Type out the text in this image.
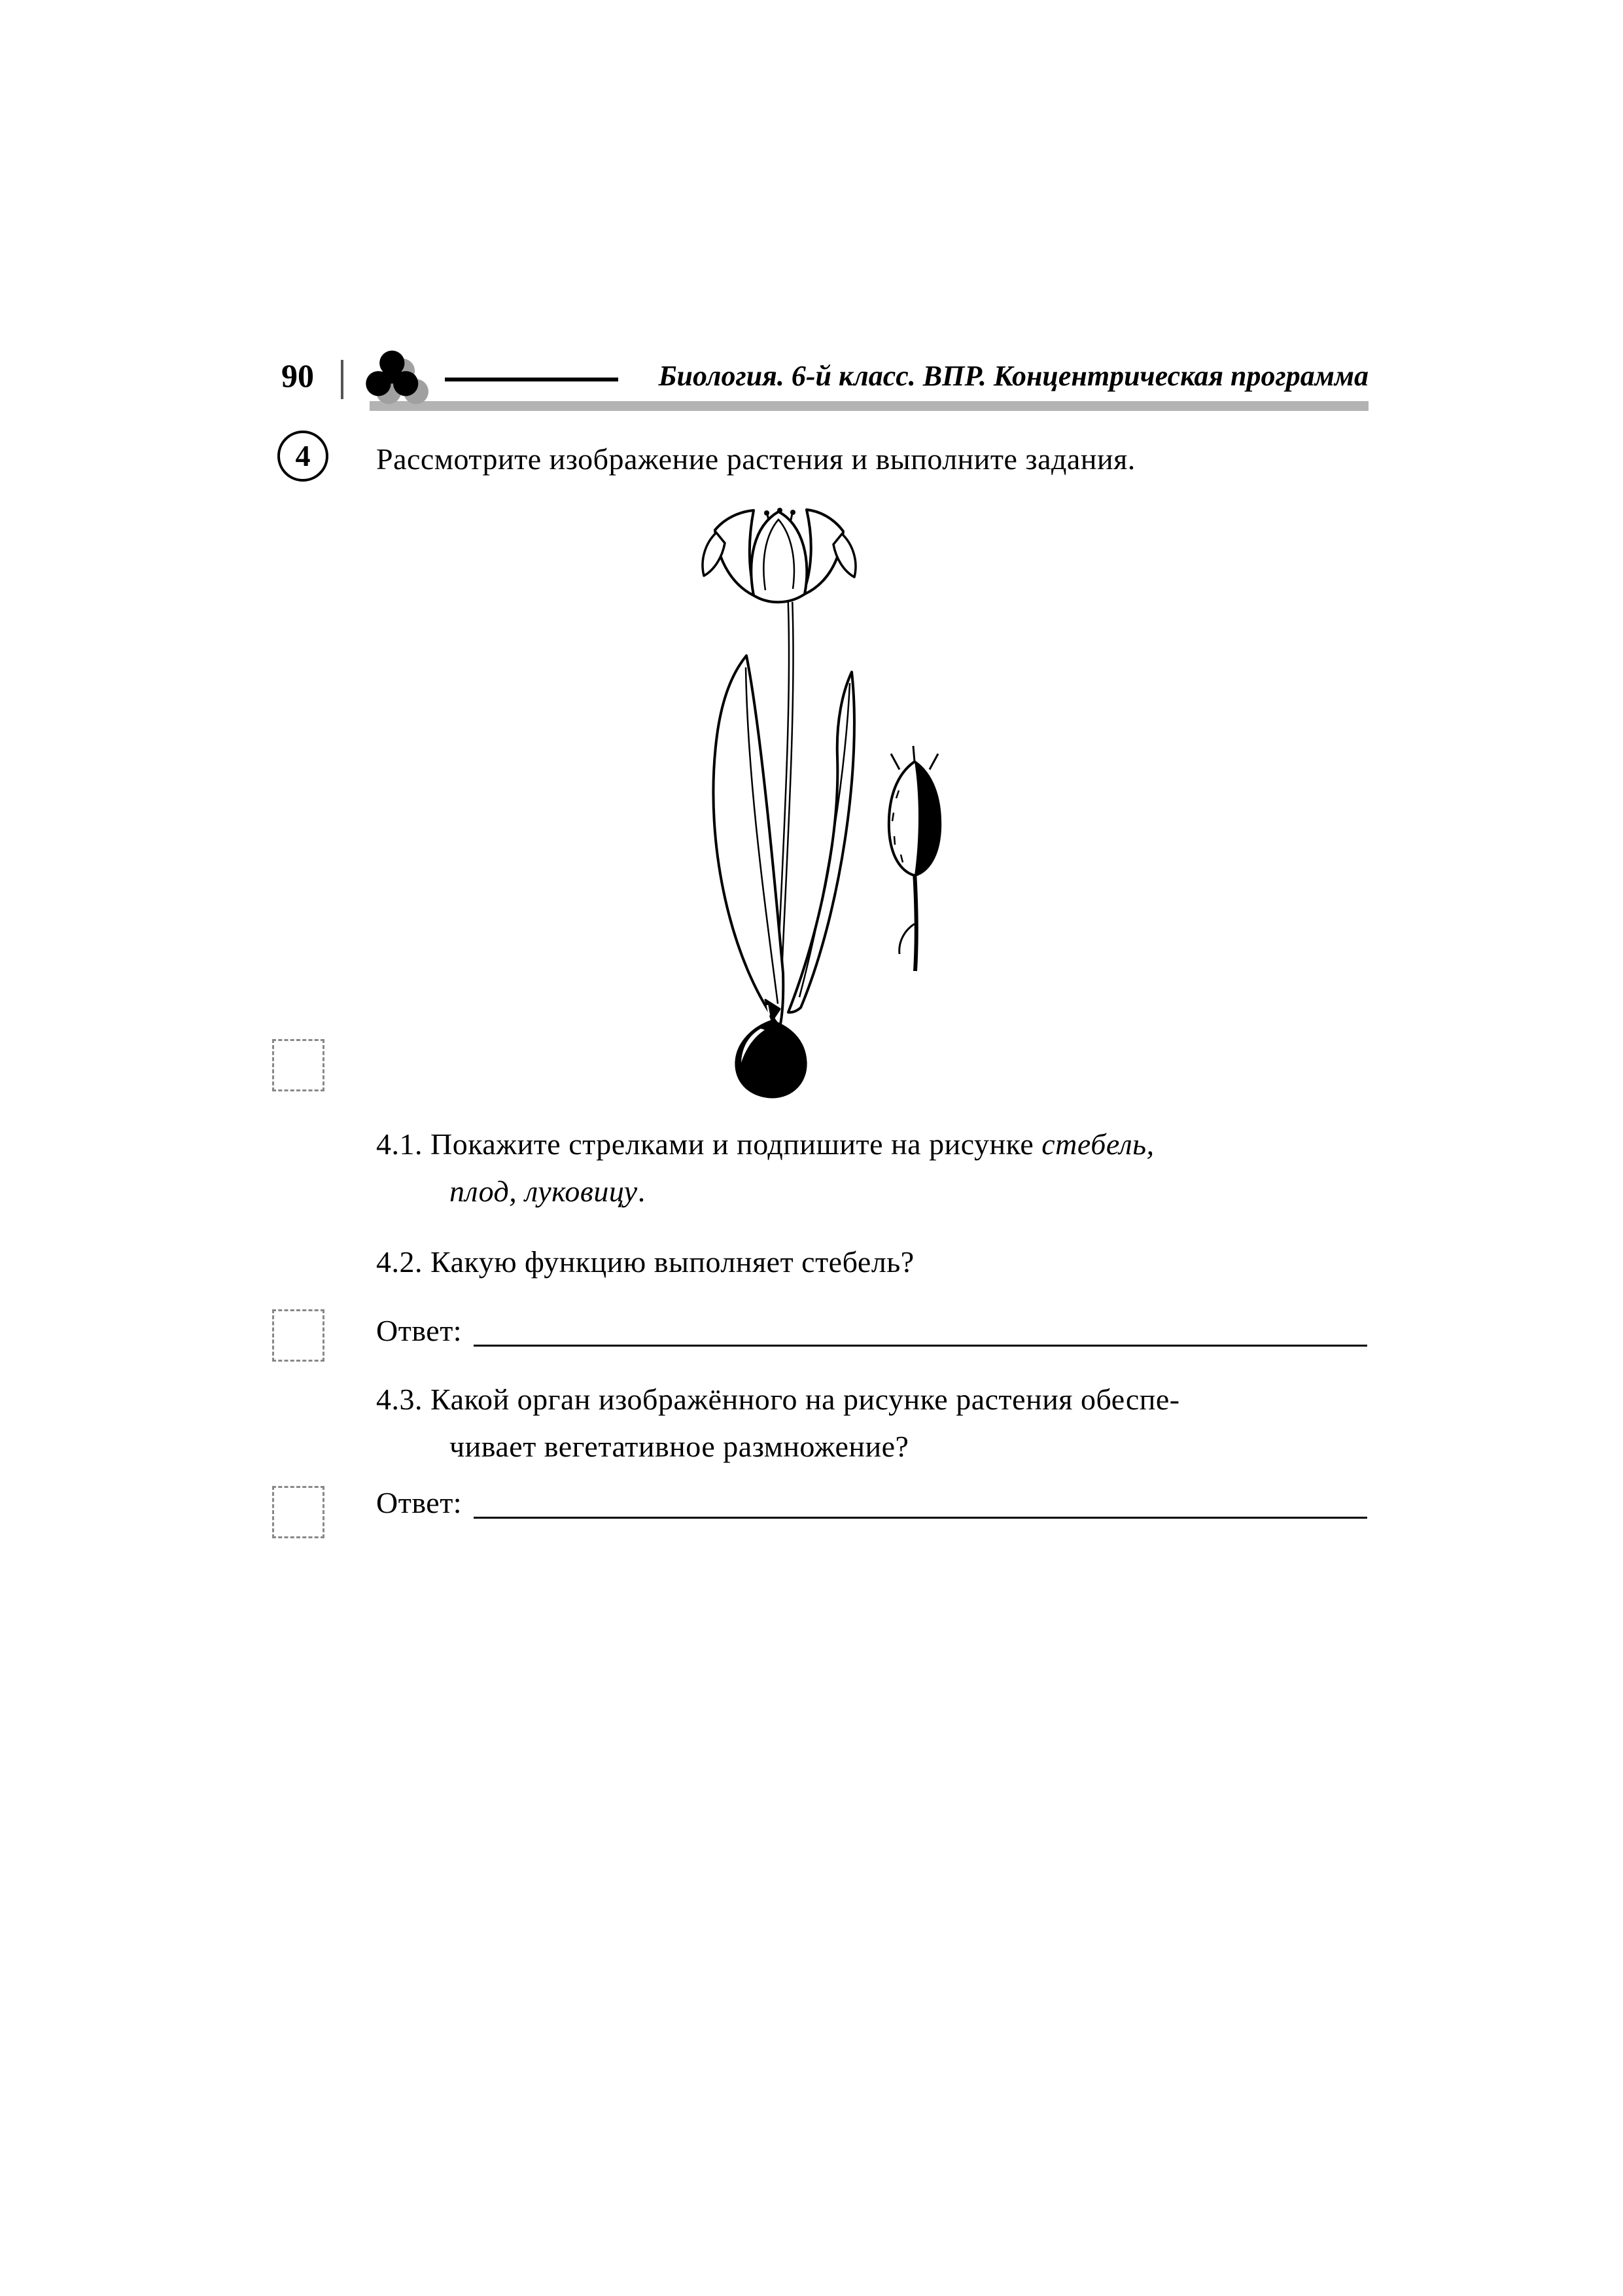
90	Биология. 6-й класс. ВПР. Концентрическая программа
4	Рассмотрите изображение растения и выполните задания.
4.1. Покажите стрелками и подпишите на рисунке стебель,
плод, луковицу.
4.2. Какую функцию выполняет стебель?
Ответ:
4.3. Какой орган изображённого на рисунке растения обеспе-
чивает вегетативное размножение?
Ответ:
